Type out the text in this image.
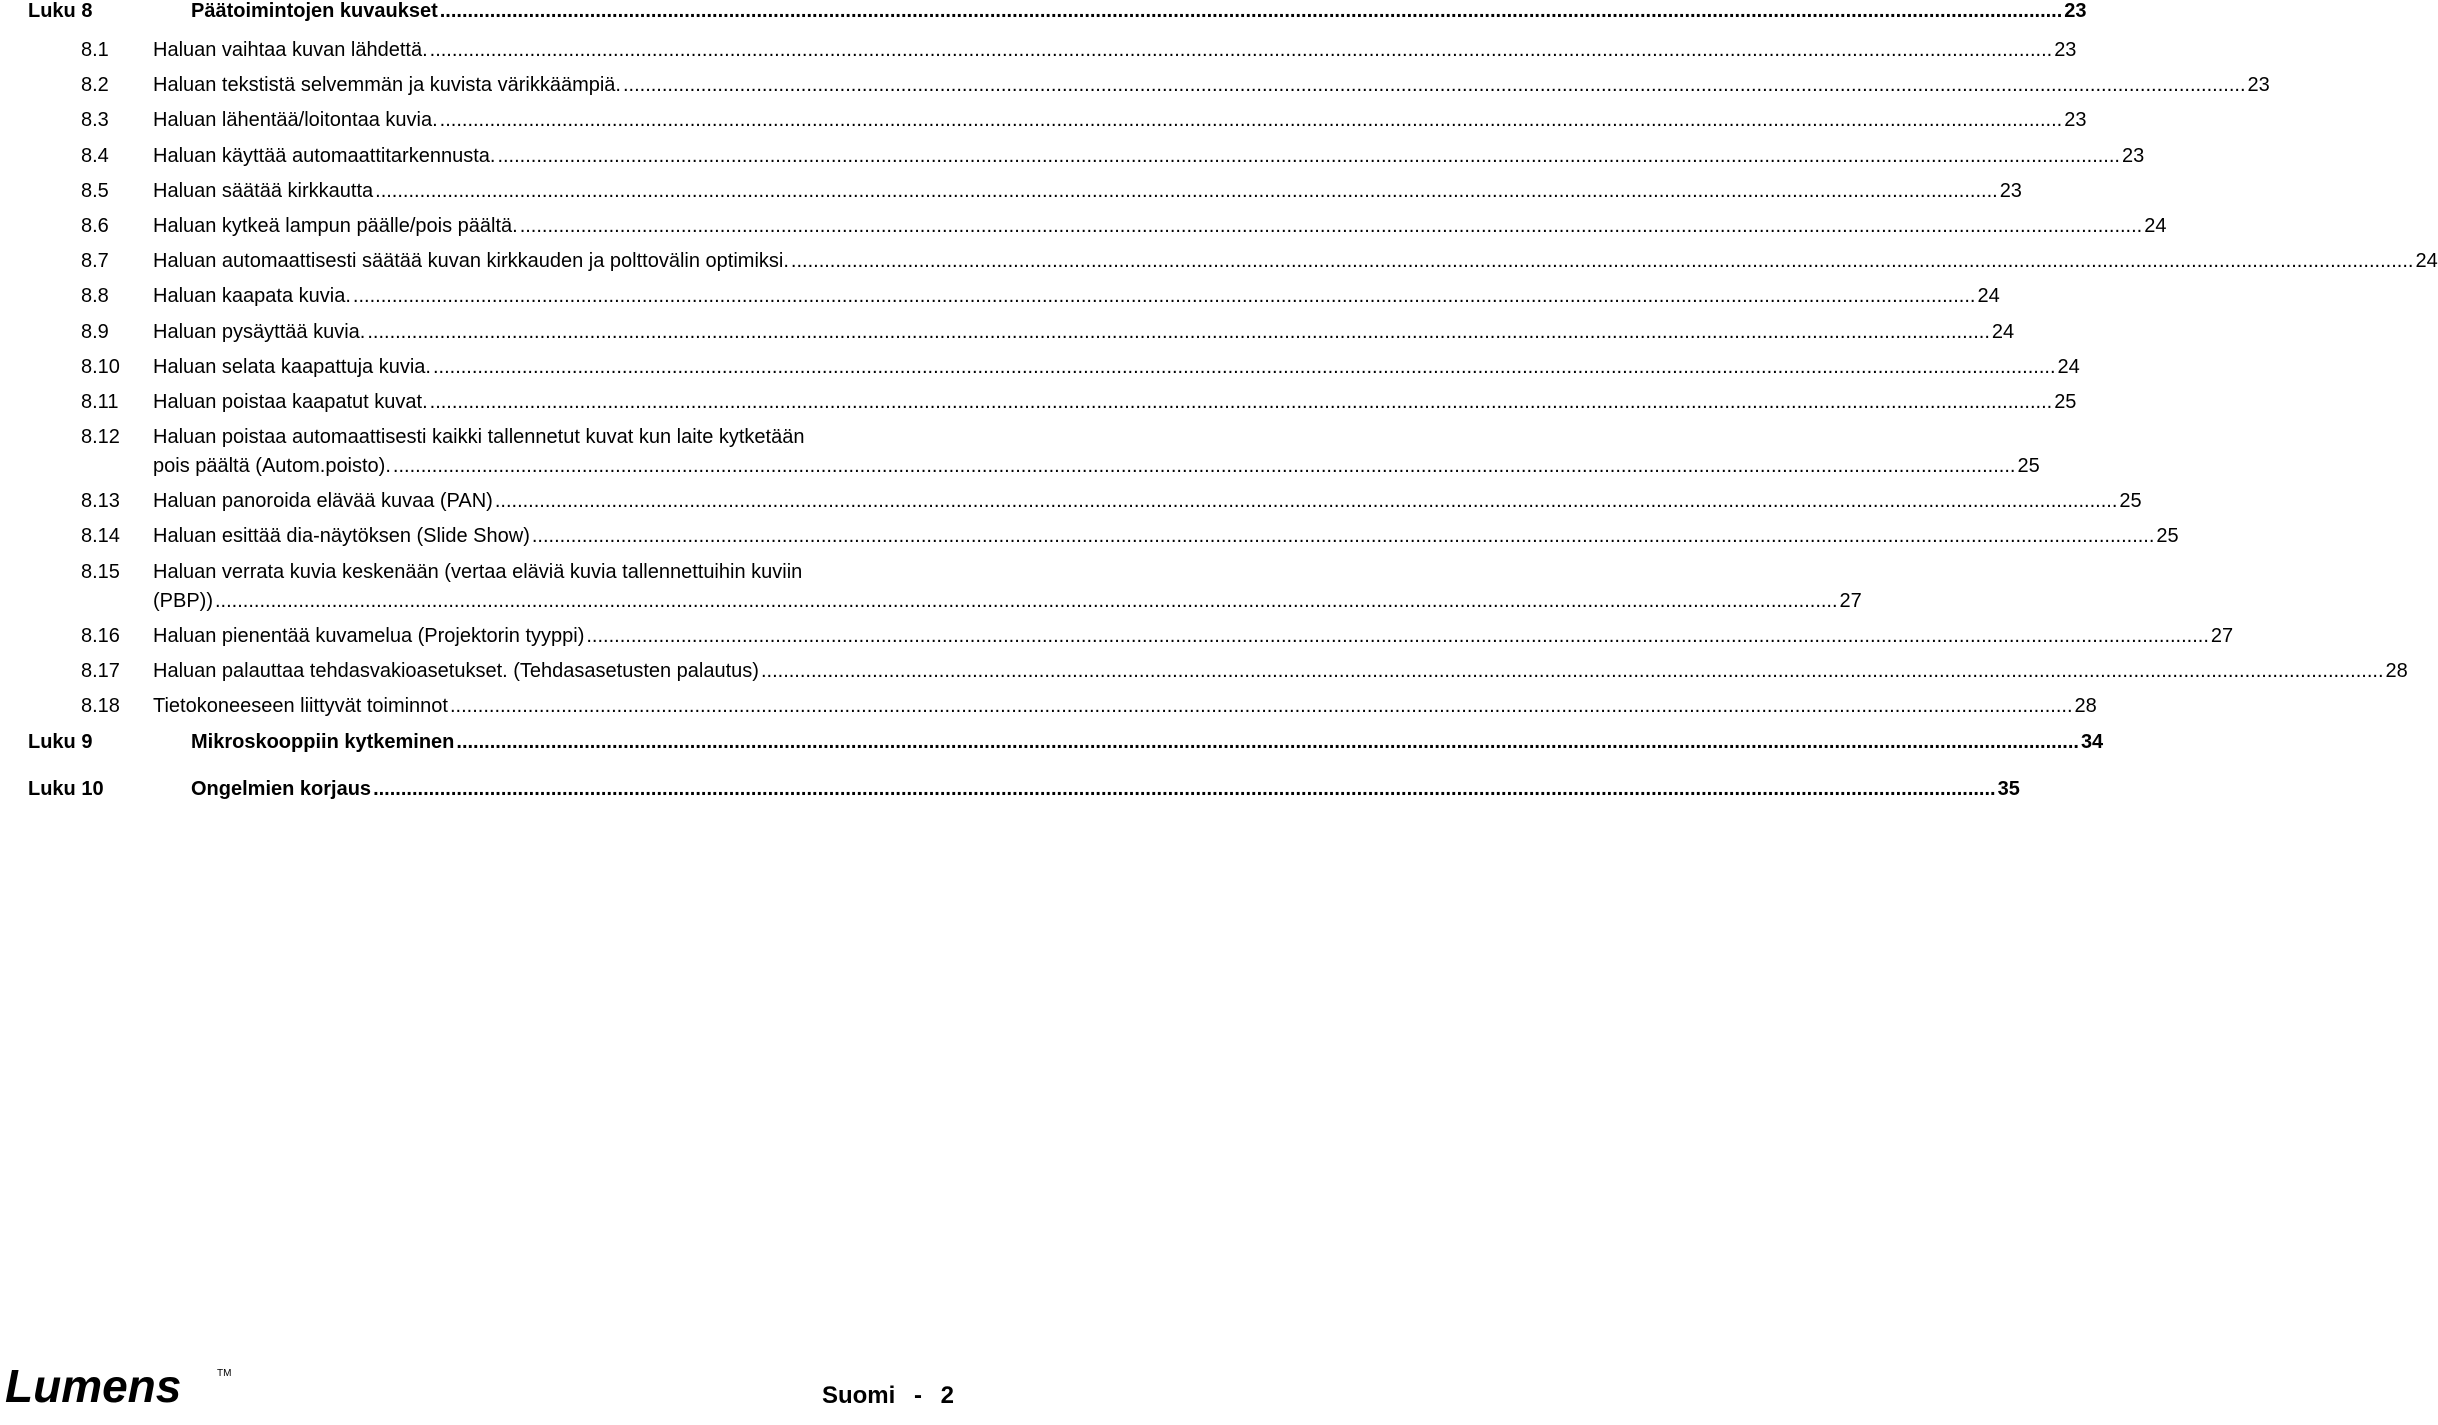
Luku 8	Päätoimintojen kuvaukset .....	23
8.1	Haluan vaihtaa kuvan lähdettä. .....	23
8.2	Haluan tekstistä selvemmän ja kuvista värikkäämpiä. .....	23
8.3	Haluan lähentää/loitontaa kuvia. .....	23
8.4	Haluan käyttää automaattitarkennusta. .....	23
8.5	Haluan säätää kirkkautta .....	23
8.6	Haluan kytkeä lampun päälle/pois päältä. .....	24
8.7	Haluan automaattisesti säätää kuvan kirkkauden ja polttovälin optimiksi. .....	24
8.8	Haluan kaapata kuvia. .....	24
8.9	Haluan pysäyttää kuvia. .....	24
8.10	Haluan selata kaapattuja kuvia. .....	24
8.11	Haluan poistaa kaapatut kuvat. .....	25
8.12	Haluan poistaa automaattisesti kaikki tallennetut kuvat kun laite kytketään
pois päältä (Autom.poisto). .....	25
8.13	Haluan panoroida elävää kuvaa (PAN) .....	25
8.14	Haluan esittää dia-näytöksen (Slide Show) .....	25
8.15	Haluan verrata kuvia keskenään (vertaa eläviä kuvia tallennettuihin kuviin
(PBP)) .....	27
8.16	Haluan pienentää kuvamelua (Projektorin tyyppi) .....	27
8.17	Haluan palauttaa tehdasvakioasetukset. (Tehdasasetusten palautus) .....	28
8.18	Tietokoneeseen liittyvät toiminnot .....	28
Luku 9	Mikroskooppiin kytkeminen .....	34
Luku 10	Ongelmien korjaus .....	35
Lumens	TM
Suomi - 2
